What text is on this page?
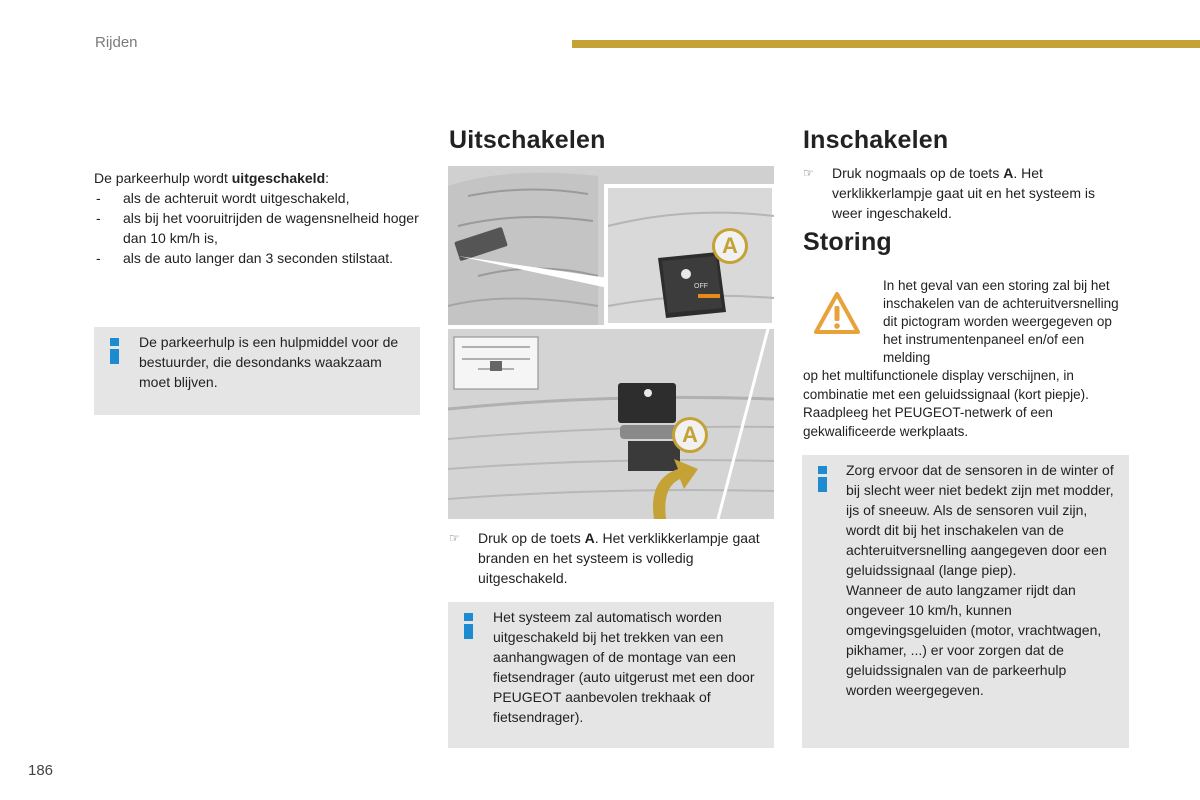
Rijden

De parkeerhulp wordt uitgeschakeld:

- als de achteruit wordt uitgeschakeld,
- als bij het vooruitrijden de wagensnelheid hoger dan 10 km/h is,
- als de auto langer dan 3 seconden stilstaat.
De parkeerhulp is een hulpmiddel voor de bestuurder, die desondanks waakzaam moet blijven.
Uitschakelen
OFF
A
A
☞ Druk op de toets A. Het verklikkerlampje gaat branden en het systeem is volledig uitgeschakeld.
Het systeem zal automatisch worden uitgeschakeld bij het trekken van een aanhangwagen of de montage van een fietsendrager (auto uitgerust met een door PEUGEOT aanbevolen trekhaak of fietsendrager).
Inschakelen
☞ Druk nogmaals op de toets A. Het verklikkerlampje gaat uit en het systeem is weer ingeschakeld.
Storing
In het geval van een storing zal bij het inschakelen van de achteruitversnelling dit pictogram worden weergegeven op het instrumentenpaneel en/of een melding
op het multifunctionele display verschijnen, in combinatie met een geluidssignaal (kort piepje). Raadpleeg het PEUGEOT-netwerk of een gekwalificeerde werkplaats.
Zorg ervoor dat de sensoren in de winter of bij slecht weer niet bedekt zijn met modder, ijs of sneeuw. Als de sensoren vuil zijn, wordt dit bij het inschakelen van de achteruitversnelling aangegeven door een geluidssignaal (lange piep).
Wanneer de auto langzamer rijdt dan ongeveer 10 km/h, kunnen omgevingsgeluiden (motor, vrachtwagen, pikhamer, ...) er voor zorgen dat de geluidssignalen van de parkeerhulp worden weergegeven.
186
